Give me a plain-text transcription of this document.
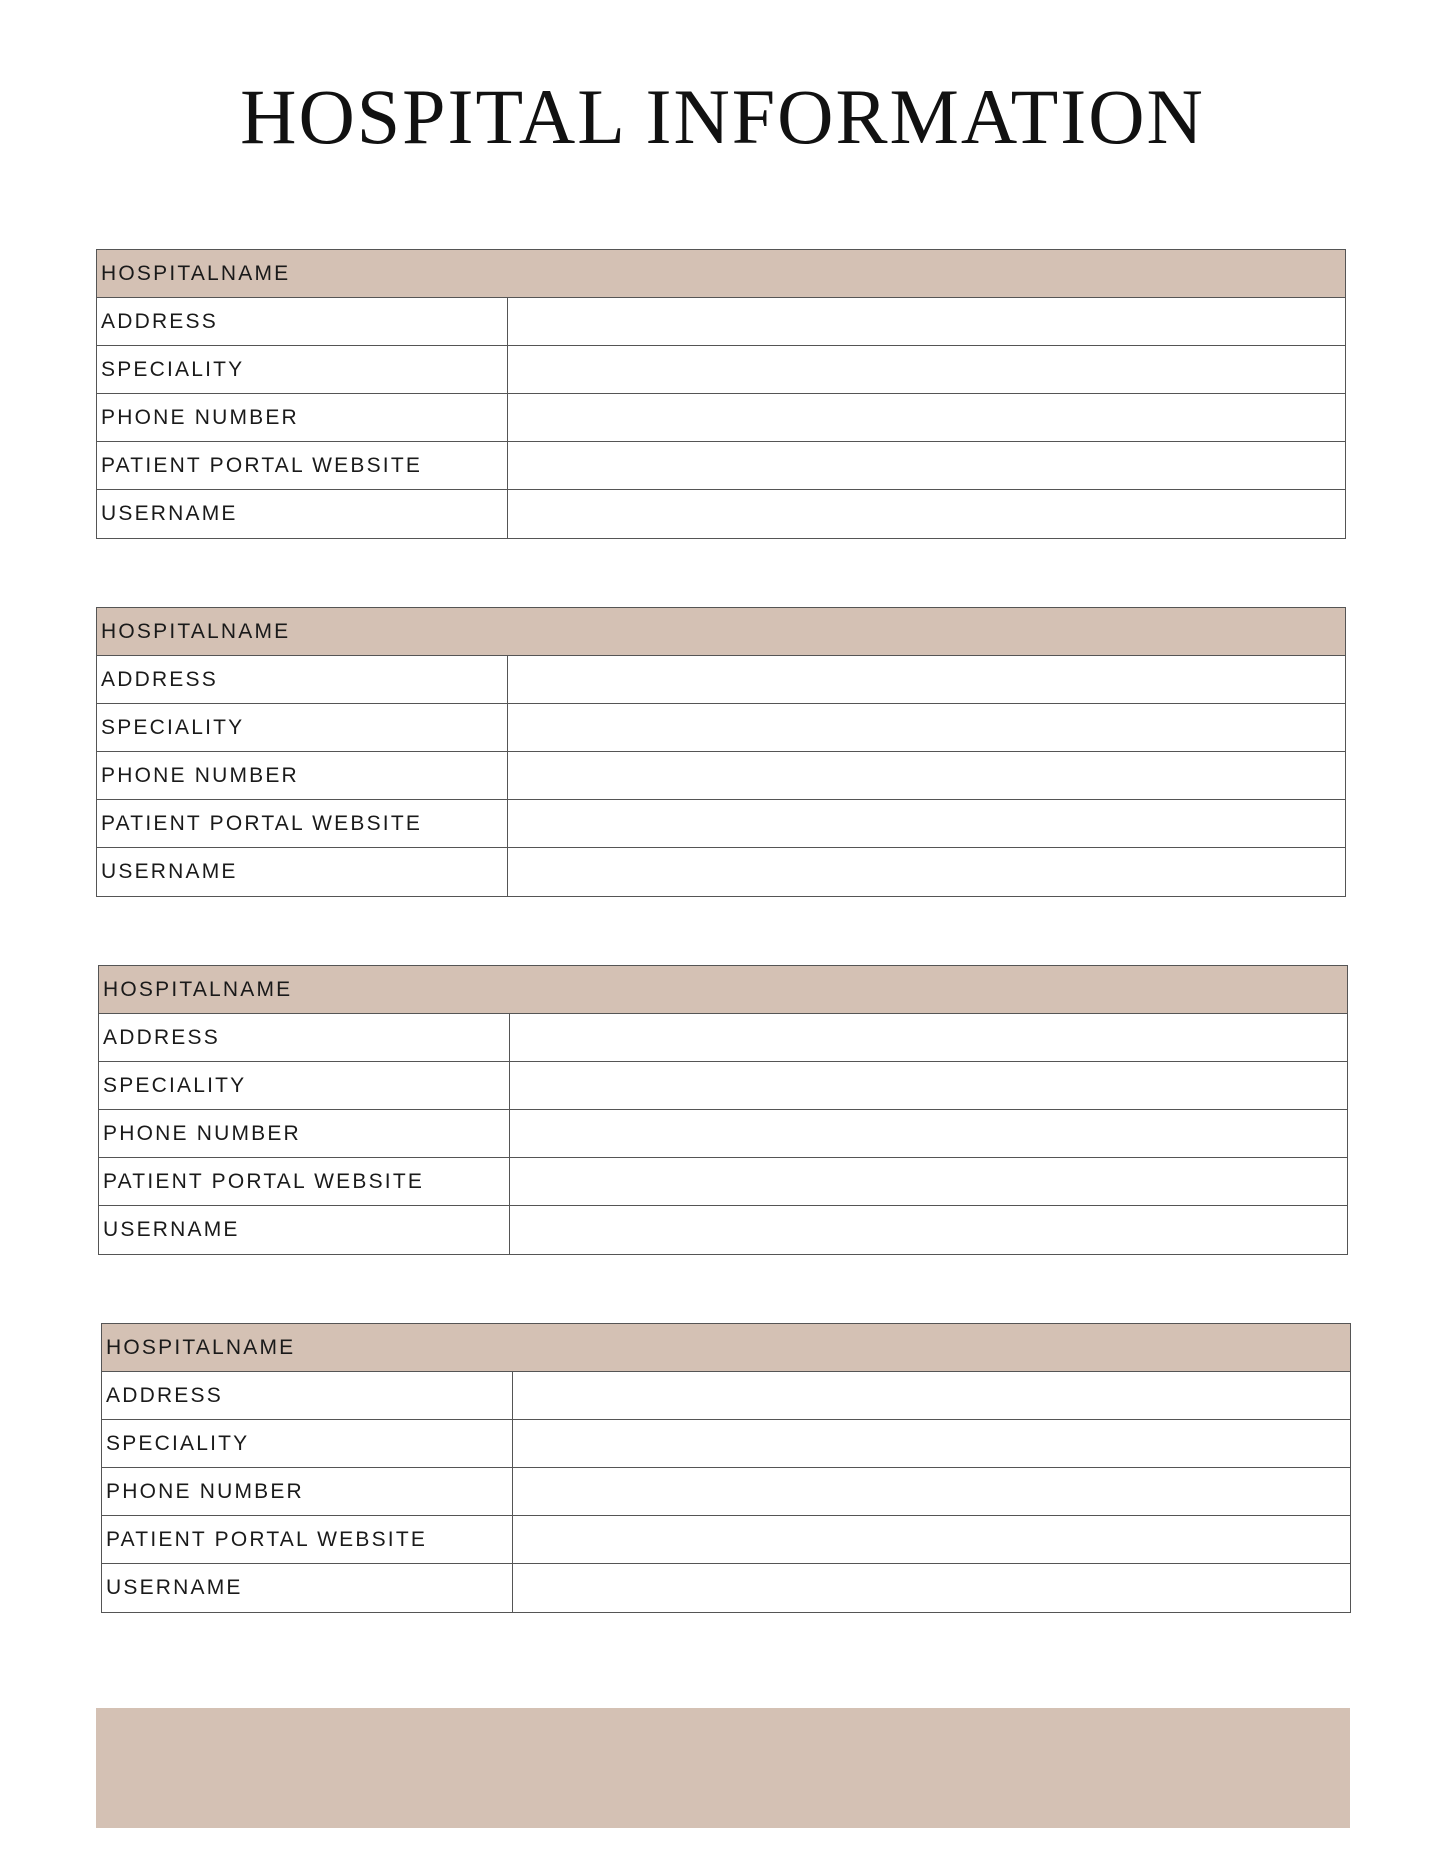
HOSPITAL INFORMATION
HOSPITALNAME
ADDRESS
SPECIALITY
PHONE NUMBER
PATIENT PORTAL WEBSITE
USERNAME
HOSPITALNAME
ADDRESS
SPECIALITY
PHONE NUMBER
PATIENT PORTAL WEBSITE
USERNAME
HOSPITALNAME
ADDRESS
SPECIALITY
PHONE NUMBER
PATIENT PORTAL WEBSITE
USERNAME
HOSPITALNAME
ADDRESS
SPECIALITY
PHONE NUMBER
PATIENT PORTAL WEBSITE
USERNAME
